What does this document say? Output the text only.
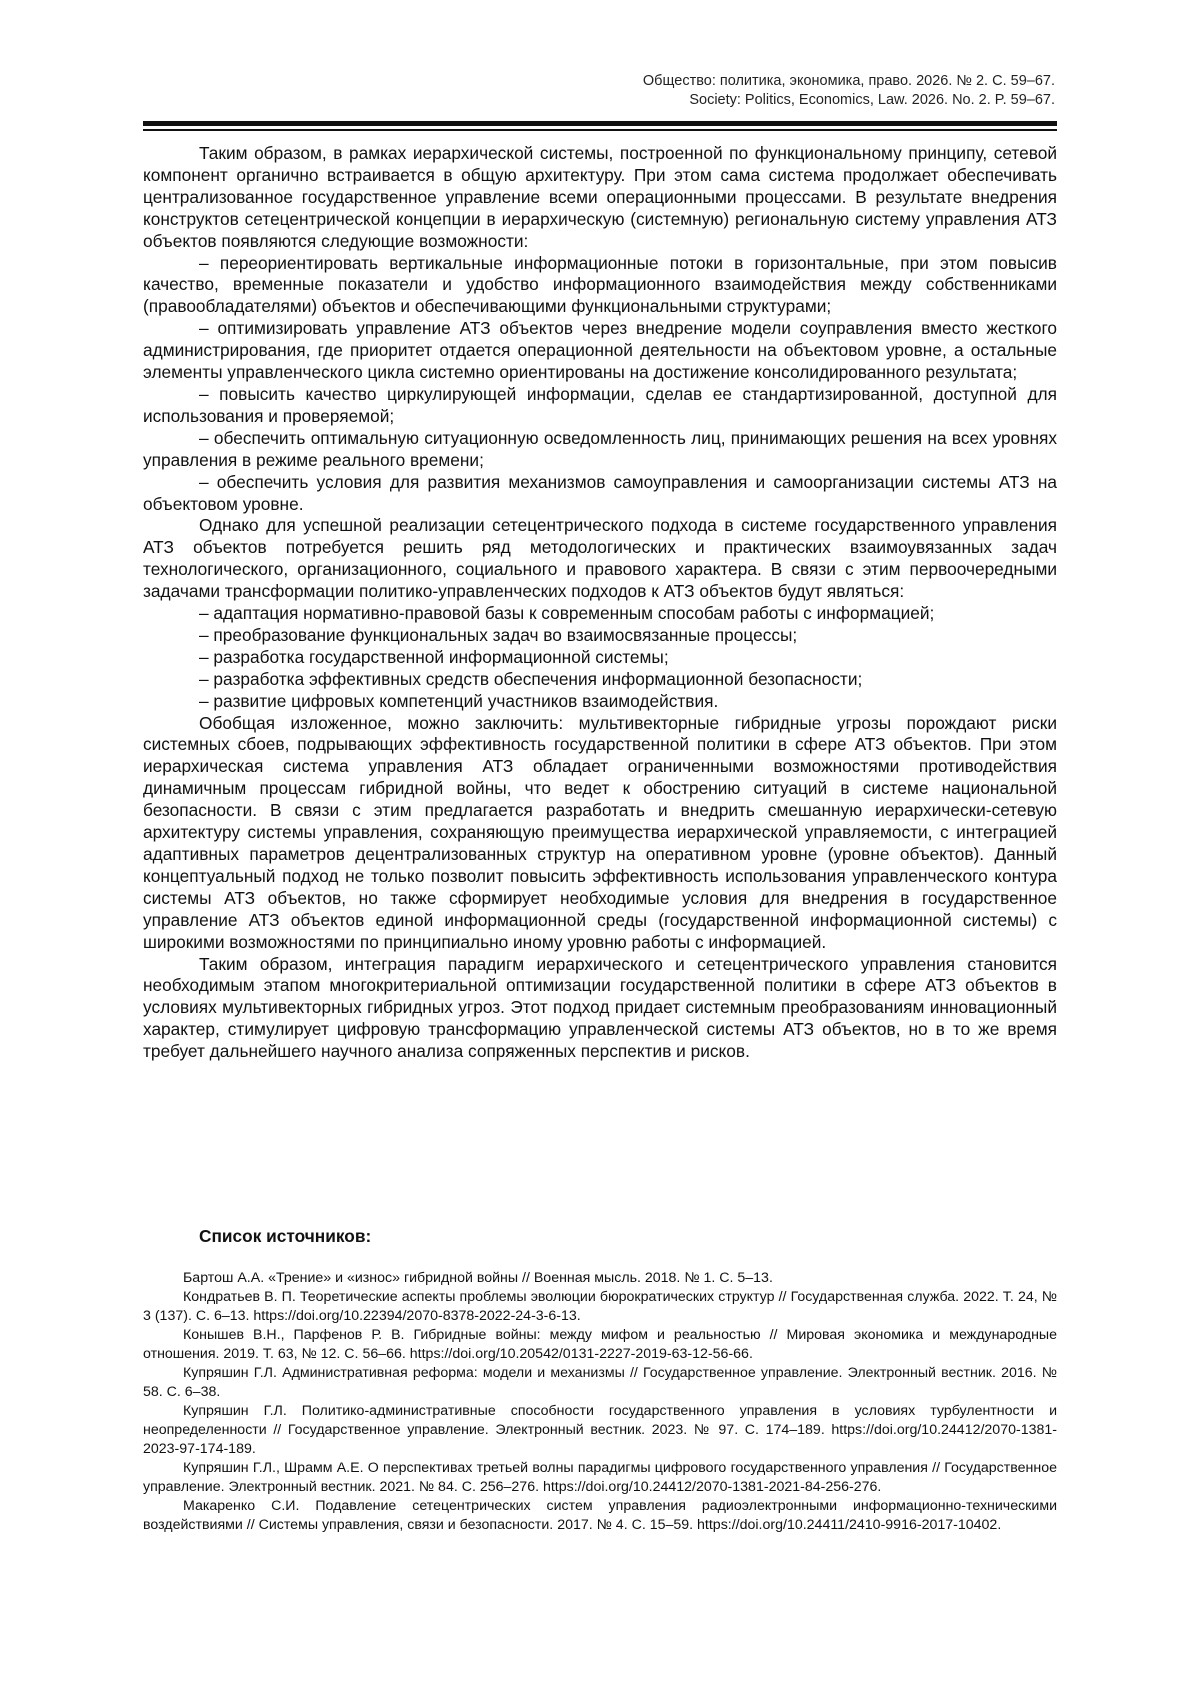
Общество: политика, экономика, право. 2026. № 2. С. 59–67.
Society: Politics, Economics, Law. 2026. No. 2. P. 59–67.

Таким образом, в рамках иерархической системы, построенной по функциональному принципу, сетевой компонент органично встраивается в общую архитектуру. При этом сама система продолжает обеспечивать централизованное государственное управление всеми операционными процессами. В результате внедрения конструктов сетецентрической концепции в иерархическую (системную) региональную систему управления АТЗ объектов появляются следующие возможности:

– переориентировать вертикальные информационные потоки в горизонтальные, при этом повысив качество, временные показатели и удобство информационного взаимодействия между собственниками (правообладателями) объектов и обеспечивающими функциональными структурами;

– оптимизировать управление АТЗ объектов через внедрение модели соуправления вместо жесткого администрирования, где приоритет отдается операционной деятельности на объектовом уровне, а остальные элементы управленческого цикла системно ориентированы на достижение консолидированного результата;

– повысить качество циркулирующей информации, сделав ее стандартизированной, доступной для использования и проверяемой;

– обеспечить оптимальную ситуационную осведомленность лиц, принимающих решения на всех уровнях управления в режиме реального времени;

– обеспечить условия для развития механизмов самоуправления и самоорганизации системы АТЗ на объектовом уровне.

Однако для успешной реализации сетецентрического подхода в системе государственного управления АТЗ объектов потребуется решить ряд методологических и практических взаимоувязанных задач технологического, организационного, социального и правового характера. В связи с этим первоочередными задачами трансформации политико-управленческих подходов к АТЗ объектов будут являться:

– адаптация нормативно-правовой базы к современным способам работы с информацией;

– преобразование функциональных задач во взаимосвязанные процессы;

– разработка государственной информационной системы;

– разработка эффективных средств обеспечения информационной безопасности;

– развитие цифровых компетенций участников взаимодействия.

Обобщая изложенное, можно заключить: мультивекторные гибридные угрозы порождают риски системных сбоев, подрывающих эффективность государственной политики в сфере АТЗ объектов. При этом иерархическая система управления АТЗ обладает ограниченными возможностями противодействия динамичным процессам гибридной войны, что ведет к обострению ситуаций в системе национальной безопасности. В связи с этим предлагается разработать и внедрить смешанную иерархически-сетевую архитектуру системы управления, сохраняющую преимущества иерархической управляемости, с интеграцией адаптивных параметров децентрализованных структур на оперативном уровне (уровне объектов). Данный концептуальный подход не только позволит повысить эффективность использования управленческого контура системы АТЗ объектов, но также сформирует необходимые условия для внедрения в государственное управление АТЗ объектов единой информационной среды (государственной информационной системы) с широкими возможностями по принципиально иному уровню работы с информацией.

Таким образом, интеграция парадигм иерархического и сетецентрического управления становится необходимым этапом многокритериальной оптимизации государственной политики в сфере АТЗ объектов в условиях мультивекторных гибридных угроз. Этот подход придает системным преобразованиям инновационный характер, стимулирует цифровую трансформацию управленческой системы АТЗ объектов, но в то же время требует дальнейшего научного анализа сопряженных перспектив и рисков.

Список источников:

Бартош А.А. «Трение» и «износ» гибридной войны // Военная мысль. 2018. № 1. С. 5–13.

Кондратьев В. П. Теоретические аспекты проблемы эволюции бюрократических структур // Государственная служба. 2022. Т. 24, № 3 (137). С. 6–13. https://doi.org/10.22394/2070-8378-2022-24-3-6-13.

Конышев В.Н., Парфенов Р. В. Гибридные войны: между мифом и реальностью // Мировая экономика и международные отношения. 2019. Т. 63, № 12. С. 56–66. https://doi.org/10.20542/0131-2227-2019-63-12-56-66.

Купряшин Г.Л. Административная реформа: модели и механизмы // Государственное управление. Электронный вестник. 2016. № 58. С. 6–38.

Купряшин Г.Л. Политико-административные способности государственного управления в условиях турбулентности и неопределенности // Государственное управление. Электронный вестник. 2023. № 97. С. 174–189. https://doi.org/10.24412/2070-1381-2023-97-174-189.

Купряшин Г.Л., Шрамм А.Е. О перспективах третьей волны парадигмы цифрового государственного управления // Государственное управление. Электронный вестник. 2021. № 84. С. 256–276. https://doi.org/10.24412/2070-1381-2021-84-256-276.

Макаренко С.И. Подавление сетецентрических систем управления радиоэлектронными информационно-техническими воздействиями // Системы управления, связи и безопасности. 2017. № 4. С. 15–59. https://doi.org/10.24411/2410-9916-2017-10402.
